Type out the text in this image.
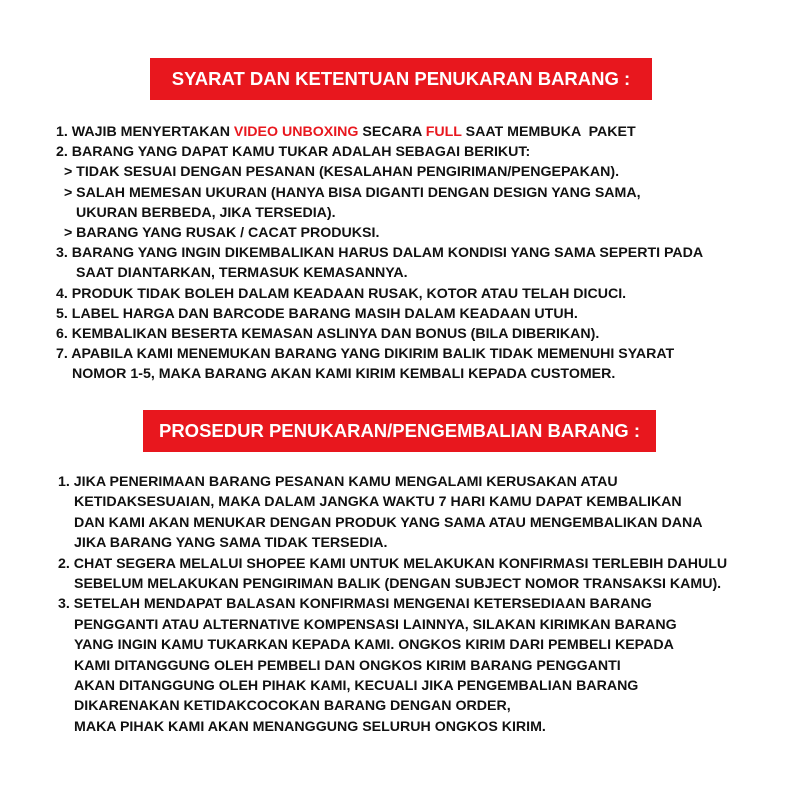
SYARAT DAN KETENTUAN PENUKARAN BARANG :

1. WAJIB MENYERTAKAN VIDEO UNBOXING SECARA FULL SAAT MEMBUKA  PAKET

2. BARANG YANG DAPAT KAMU TUKAR ADALAH SEBAGAI BERIKUT:

> TIDAK SESUAI DENGAN PESANAN (KESALAHAN PENGIRIMAN/PENGEPAKAN).

> SALAH MEMESAN UKURAN (HANYA BISA DIGANTI DENGAN DESIGN YANG SAMA,

UKURAN BERBEDA, JIKA TERSEDIA).

> BARANG YANG RUSAK / CACAT PRODUKSI.

3. BARANG YANG INGIN DIKEMBALIKAN HARUS DALAM KONDISI YANG SAMA SEPERTI PADA

SAAT DIANTARKAN, TERMASUK KEMASANNYA.

4. PRODUK TIDAK BOLEH DALAM KEADAAN RUSAK, KOTOR ATAU TELAH DICUCI.

5. LABEL HARGA DAN BARCODE BARANG MASIH DALAM KEADAAN UTUH.

6. KEMBALIKAN BESERTA KEMASAN ASLINYA DAN BONUS (BILA DIBERIKAN).

7. APABILA KAMI MENEMUKAN BARANG YANG DIKIRIM BALIK TIDAK MEMENUHI SYARAT

NOMOR 1-5, MAKA BARANG AKAN KAMI KIRIM KEMBALI KEPADA CUSTOMER.

PROSEDUR PENUKARAN/PENGEMBALIAN BARANG :

1. JIKA PENERIMAAN BARANG PESANAN KAMU MENGALAMI KERUSAKAN ATAU

KETIDAKSESUAIAN, MAKA DALAM JANGKA WAKTU 7 HARI KAMU DAPAT KEMBALIKAN

DAN KAMI AKAN MENUKAR DENGAN PRODUK YANG SAMA ATAU MENGEMBALIKAN DANA

JIKA BARANG YANG SAMA TIDAK TERSEDIA.

2. CHAT SEGERA MELALUI SHOPEE KAMI UNTUK MELAKUKAN KONFIRMASI TERLEBIH DAHULU

SEBELUM MELAKUKAN PENGIRIMAN BALIK (DENGAN SUBJECT NOMOR TRANSAKSI KAMU).

3. SETELAH MENDAPAT BALASAN KONFIRMASI MENGENAI KETERSEDIAAN BARANG

PENGGANTI ATAU ALTERNATIVE KOMPENSASI LAINNYA, SILAKAN KIRIMKAN BARANG

YANG INGIN KAMU TUKARKAN KEPADA KAMI. ONGKOS KIRIM DARI PEMBELI KEPADA

KAMI DITANGGUNG OLEH PEMBELI DAN ONGKOS KIRIM BARANG PENGGANTI

AKAN DITANGGUNG OLEH PIHAK KAMI, KECUALI JIKA PENGEMBALIAN BARANG

DIKARENAKAN KETIDAKCOCOKAN BARANG DENGAN ORDER,

MAKA PIHAK KAMI AKAN MENANGGUNG SELURUH ONGKOS KIRIM.
